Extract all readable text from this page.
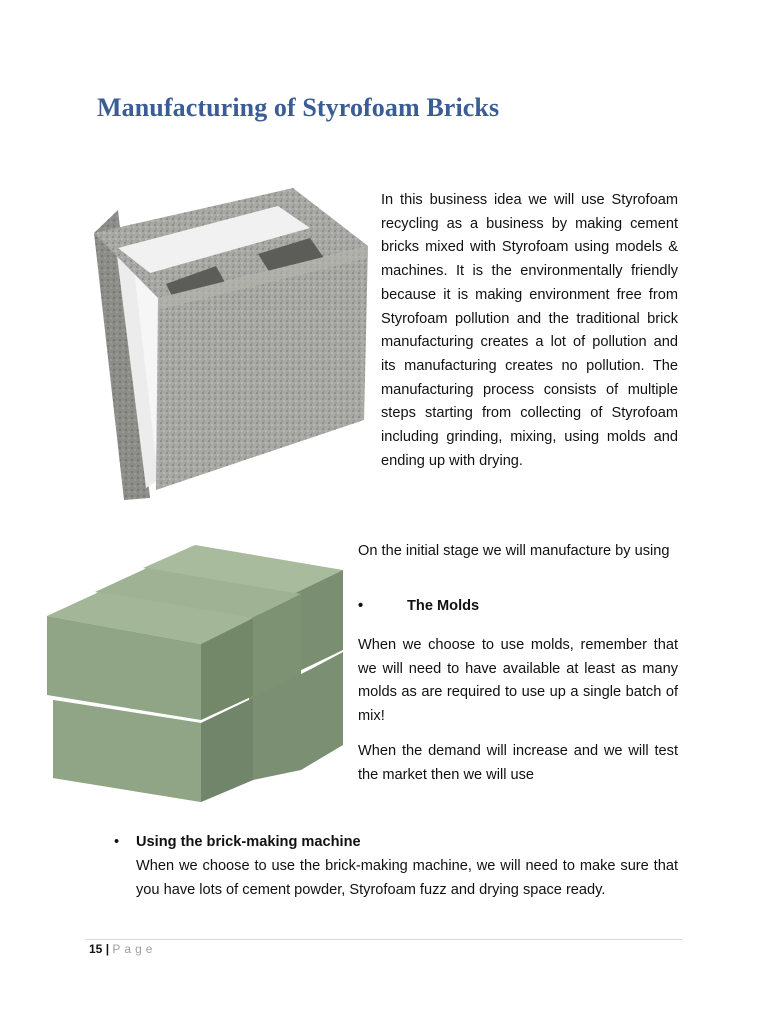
Manufacturing of Styrofoam Bricks

In this business idea we will use Styrofoam recycling as a business by making cement bricks mixed with Styrofoam using models & machines. It is the environmentally friendly because it is making environment free from Styrofoam pollution and the traditional brick manufacturing creates a lot of pollution and its manufacturing creates no pollution. The manufacturing process consists of multiple steps starting from collecting of Styrofoam including grinding, mixing, using molds and ending up with drying.

On the initial stage we will manufacture by using

•	The Molds

When we choose to use molds, remember that we will need to have available at least as many molds as are required to use up a single batch of mix!

When the demand will increase and we will test the market then we will use

• Using the brick-making machine

When we choose to use the brick-making machine, we will need to make sure that you have lots of cement powder, Styrofoam fuzz and drying space ready.

15 | Page
